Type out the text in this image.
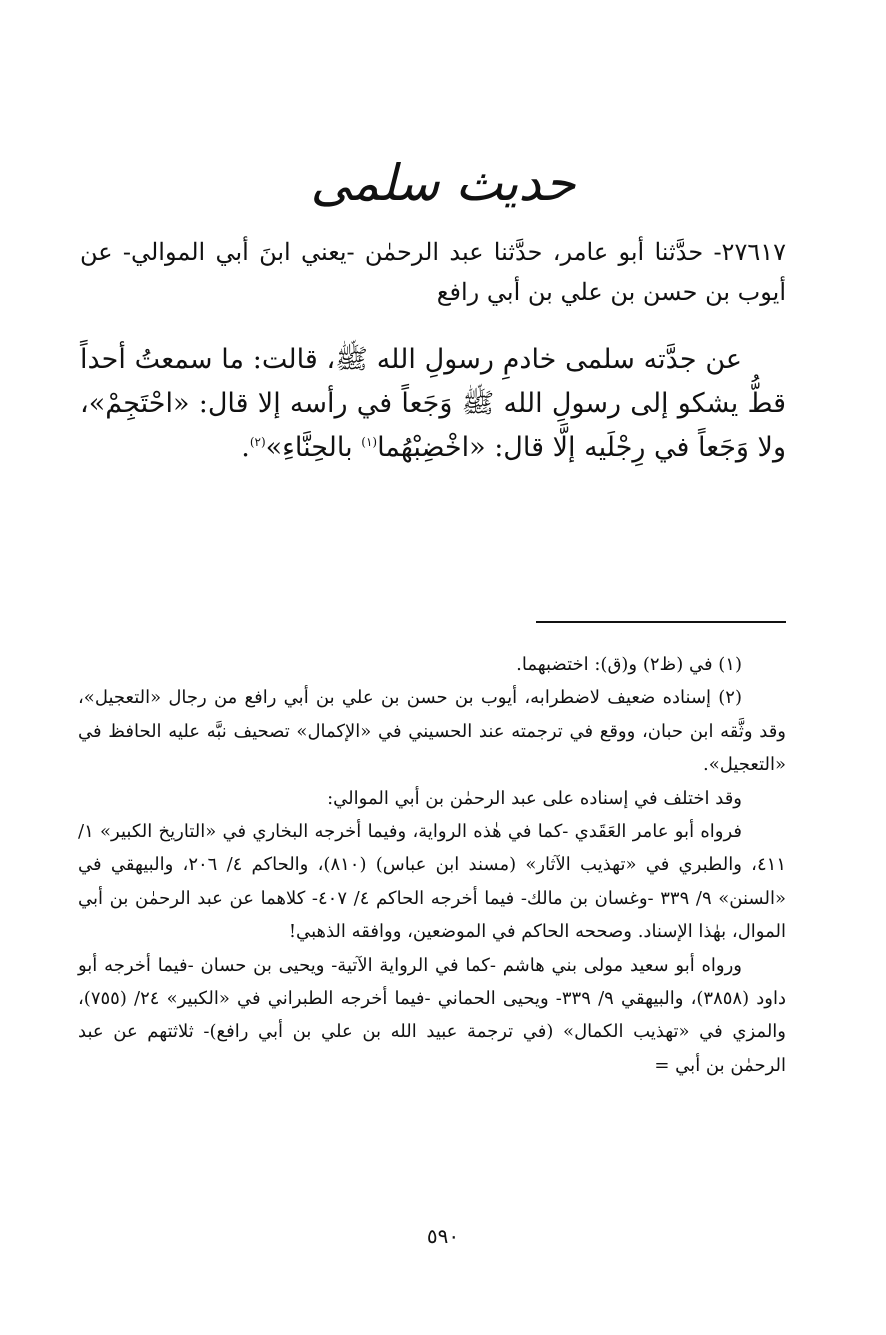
حديث سلمى
٢٧٦١٧- حدَّثنا أبو عامر، حدَّثنا عبد الرحمٰن -يعني ابنَ أبي الموالي- عن أيوب بن حسن بن علي بن أبي رافع
عن جدَّته سلمى خادمِ رسولِ الله ﷺ، قالت: ما سمعتُ أحداً قطُّ يشكو إلى رسولِ الله ﷺ وَجَعاً في رأسه إلا قال: «احْتَجِمْ»، ولا وَجَعاً في رِجْلَيه إلَّا قال: «اخْضِبْهُما$^{(١)}$ بالحِنَّاءِ»$^{(٢)}$.

(١) في (ظ٢) و(ق): اختضبهما.

(٢) إسناده ضعيف لاضطرابه، أيوب بن حسن بن علي بن أبي رافع من رجال «التعجيل»، وقد وثَّقه ابن حبان، ووقع في ترجمته عند الحسيني في «الإكمال» تصحيف نبَّه عليه الحافظ في «التعجيل».

وقد اختلف في إسناده على عبد الرحمٰن بن أبي الموالي:

فرواه أبو عامر العَقَدي -كما في هٰذه الرواية، وفيما أخرجه البخاري في «التاريخ الكبير» ١/ ٤١١، والطبري في «تهذيب الآثار» (مسند ابن عباس) (٨١٠)، والحاكم ٤/ ٢٠٦، والبيهقي في «السنن» ٩/ ٣٣٩ -وغسان بن مالك- فيما أخرجه الحاكم ٤/ ٤٠٧- كلاهما عن عبد الرحمٰن بن أبي الموال، بهٰذا الإسناد. وصححه الحاكم في الموضعين، ووافقه الذهبي!

ورواه أبو سعيد مولى بني هاشم -كما في الرواية الآتية- ويحيى بن حسان -فيما أخرجه أبو داود (٣٨٥٨)، والبيهقي ٩/ ٣٣٩- ويحيى الحماني -فيما أخرجه الطبراني في «الكبير» ٢٤/ (٧٥٥)، والمزي في «تهذيب الكمال» (في ترجمة عبيد الله بن علي بن أبي رافع)- ثلاثتهم عن عبد الرحمٰن بن أبي =

٥٩٠
